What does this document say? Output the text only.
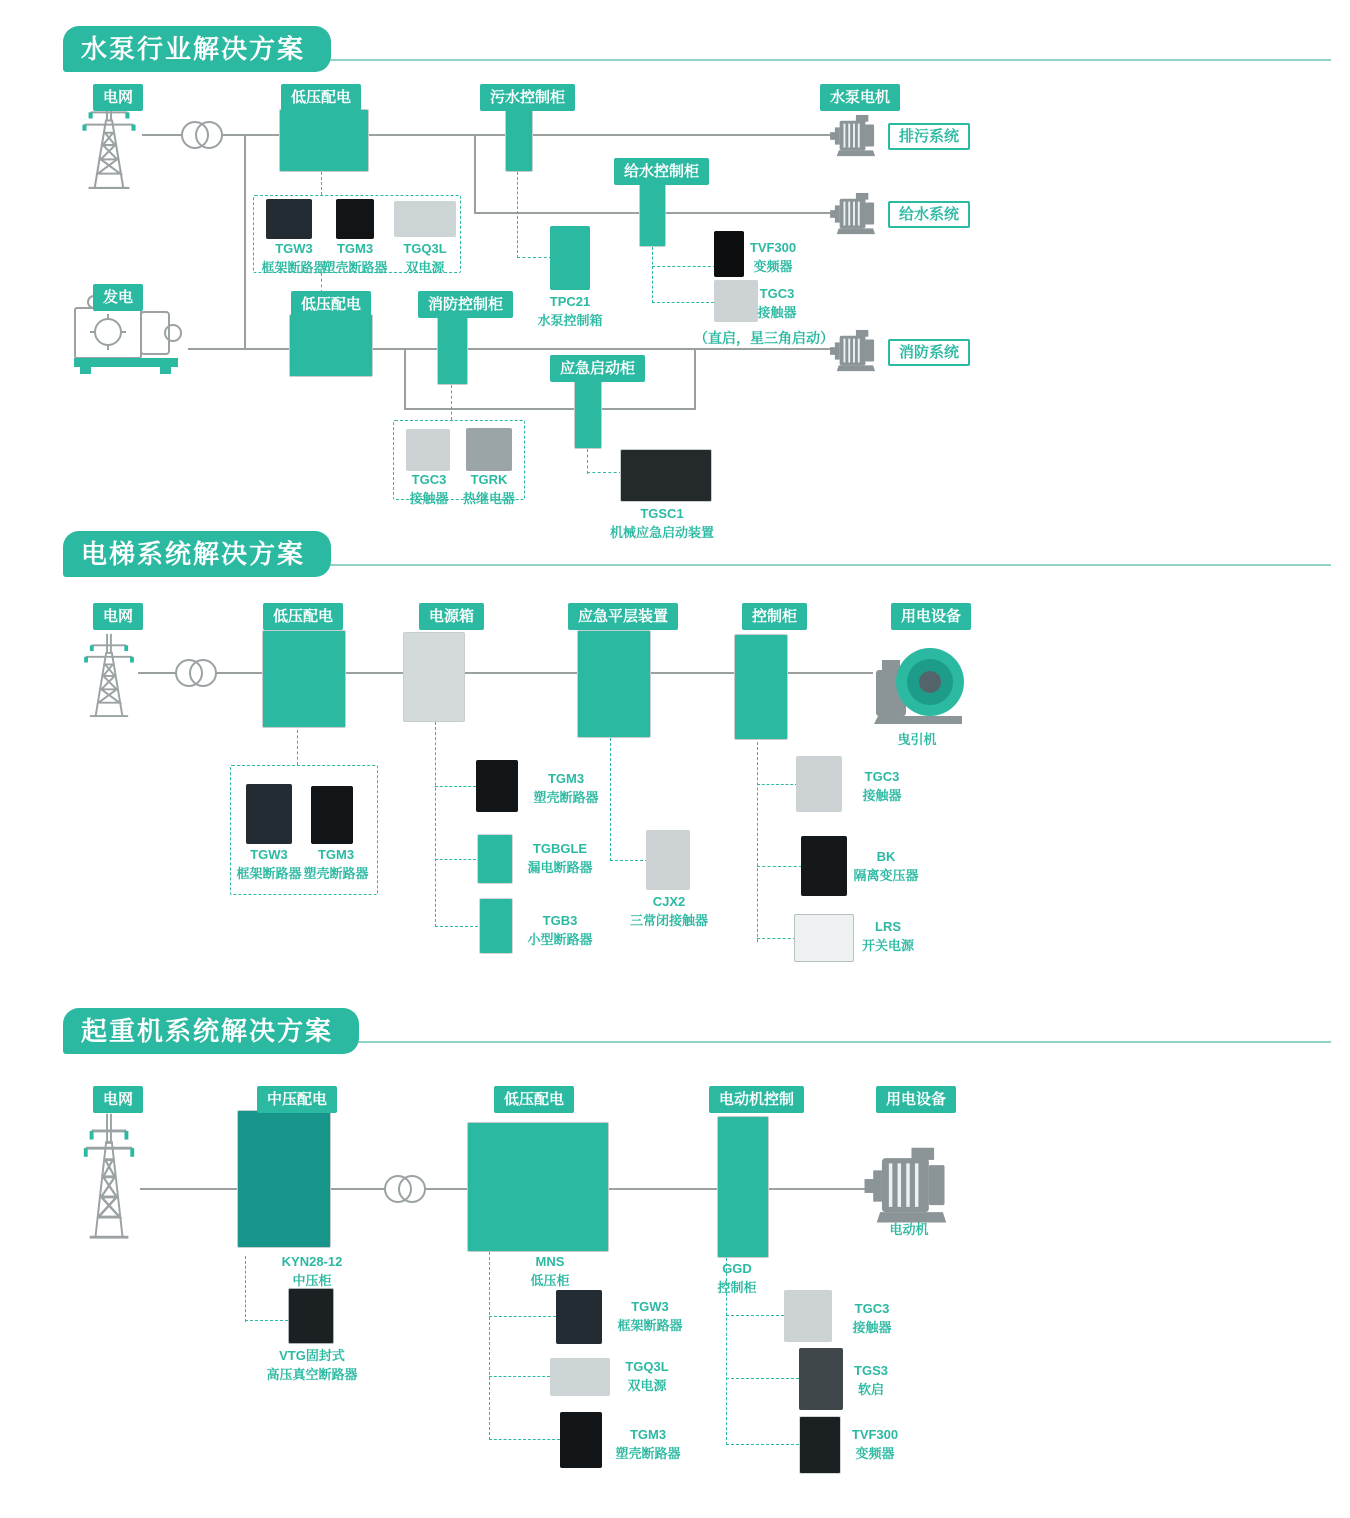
水泵行业解决方案
电网	低压配电	污水控制柜	水泵电机
给水控制柜
发电	低压配电	消防控制柜
应急启动柜
排污系统
给水系统
消防系统
TGW3
框架断路器
TGM3
塑壳断路器
TGQ3L
双电源
TPC21
水泵控制箱
TVF300
变频器
TGC3
接触器
（直启，星三角启动）
TGC3
接触器
TGRK
热继电器
TGSC1
机械应急启动装置
电梯系统解决方案
电网	低压配电	电源箱	应急平层装置	控制柜	用电设备
曳引机
TGW3
框架断路器
TGM3
塑壳断路器
TGM3
塑壳断路器
TGBGLE
漏电断路器
TGB3
小型断路器
CJX2
三常闭接触器
TGC3
接触器
BK
隔离变压器
LRS
开关电源
起重机系统解决方案
电网	中压配电	低压配电	电动机控制	用电设备
电动机
KYN28-12
中压柜
MNS
低压柜
GGD
控制柜
VTG固封式
高压真空断路器
TGW3
框架断路器
TGQ3L
双电源
TGM3
塑壳断路器
TGC3
接触器
TGS3
软启
TVF300
变频器
